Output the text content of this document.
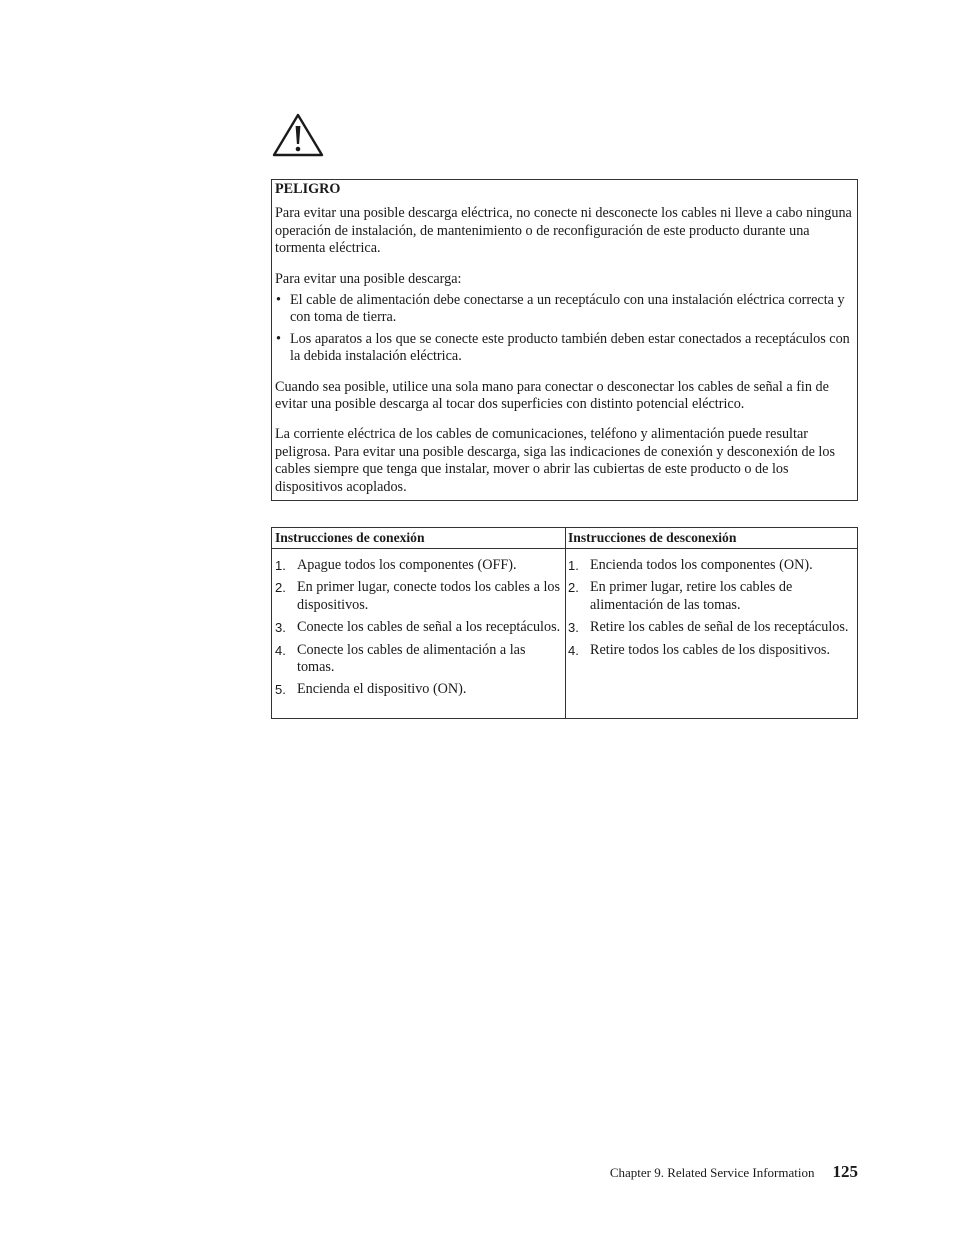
PELIGRO

Para evitar una posible descarga eléctrica, no conecte ni desconecte los cables ni lleve a cabo ninguna operación de instalación, de mantenimiento o de reconfiguración de este producto durante una tormenta eléctrica.

Para evitar una posible descarga:

• El cable de alimentación debe conectarse a un receptáculo con una instalación eléctrica correcta y con toma de tierra.
• Los aparatos a los que se conecte este producto también deben estar conectados a receptáculos con la debida instalación eléctrica.

Cuando sea posible, utilice una sola mano para conectar o desconectar los cables de señal a fin de evitar una posible descarga al tocar dos superficies con distinto potencial eléctrico.

La corriente eléctrica de los cables de comunicaciones, teléfono y alimentación puede resultar peligrosa. Para evitar una posible descarga, siga las indicaciones de conexión y desconexión de los cables siempre que tenga que instalar, mover o abrir las cubiertas de este producto o de los dispositivos acoplados.

Instrucciones de conexión
1. Apague todos los componentes (OFF).
2. En primer lugar, conecte todos los cables a los dispositivos.
3. Conecte los cables de señal a los receptáculos.
4. Conecte los cables de alimentación a las tomas.
5. Encienda el dispositivo (ON).
Instrucciones de desconexión
1. Encienda todos los componentes (ON).
2. En primer lugar, retire los cables de alimentación de las tomas.
3. Retire los cables de señal de los receptáculos.
4. Retire todos los cables de los dispositivos.
Chapter 9. Related Service Information 125
